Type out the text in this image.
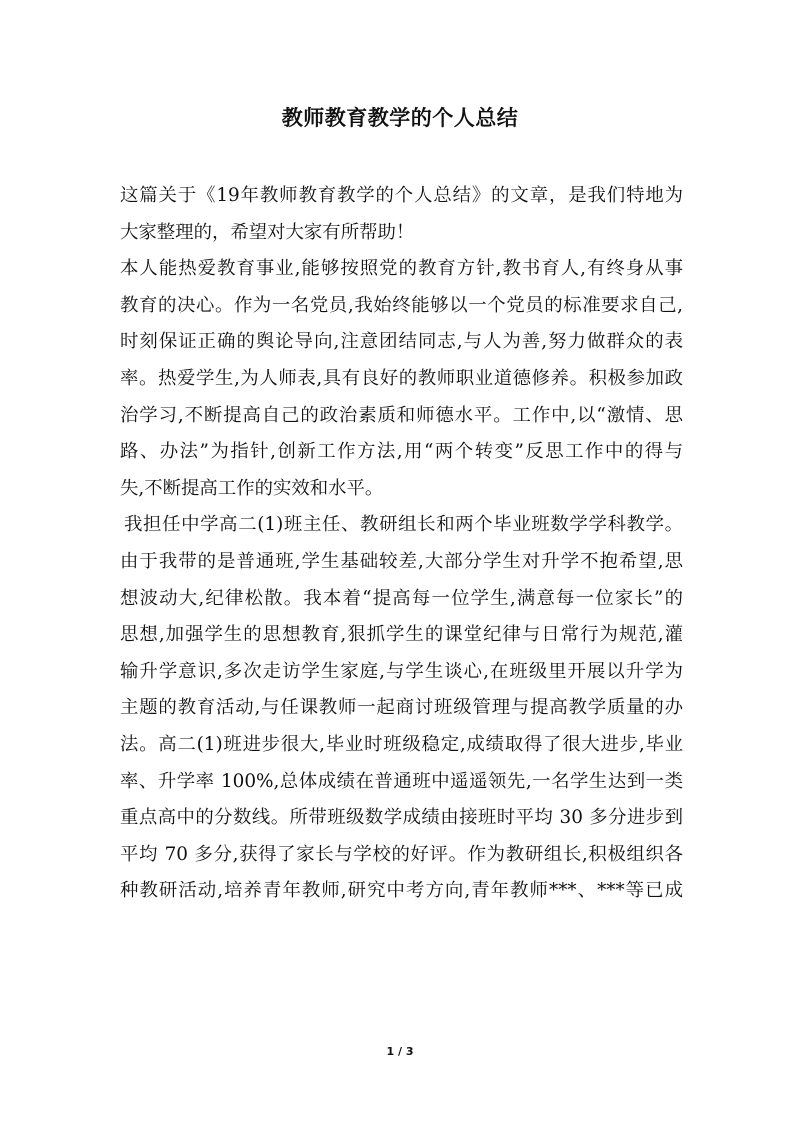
教师教育教学的个人总结
这篇关于《19年教师教育教学的个人总结》的文章，是我们特地为
大家整理的，希望对大家有所帮助！
本人能热爱教育事业,能够按照党的教育方针,教书育人,有终身从事
教育的决心。作为一名党员,我始终能够以一个党员的标准要求自己,
时刻保证正确的舆论导向,注意团结同志,与人为善,努力做群众的表
率。热爱学生,为人师表,具有良好的教师职业道德修养。积极参加政
治学习,不断提高自己的政治素质和师德水平。工作中,以“激情、思
路、办法”为指针,创新工作方法,用“两个转变”反思工作中的得与
失,不断提高工作的实效和水平。
我担任中学高二(1)班主任、教研组长和两个毕业班数学学科教学。
由于我带的是普通班,学生基础较差,大部分学生对升学不抱希望,思
想波动大,纪律松散。我本着“提高每一位学生,满意每一位家长”的
思想,加强学生的思想教育,狠抓学生的课堂纪律与日常行为规范,灌
输升学意识,多次走访学生家庭,与学生谈心,在班级里开展以升学为
主题的教育活动,与任课教师一起商讨班级管理与提高教学质量的办
法。高二(1)班进步很大,毕业时班级稳定,成绩取得了很大进步,毕业
率、升学率 100%,总体成绩在普通班中遥遥领先,一名学生达到一类
重点高中的分数线。所带班级数学成绩由接班时平均 30 多分进步到
平均 70 多分,获得了家长与学校的好评。作为教研组长,积极组织各
种教研活动,培养青年教师,研究中考方向,青年教师***、***等已成
1 / 3
